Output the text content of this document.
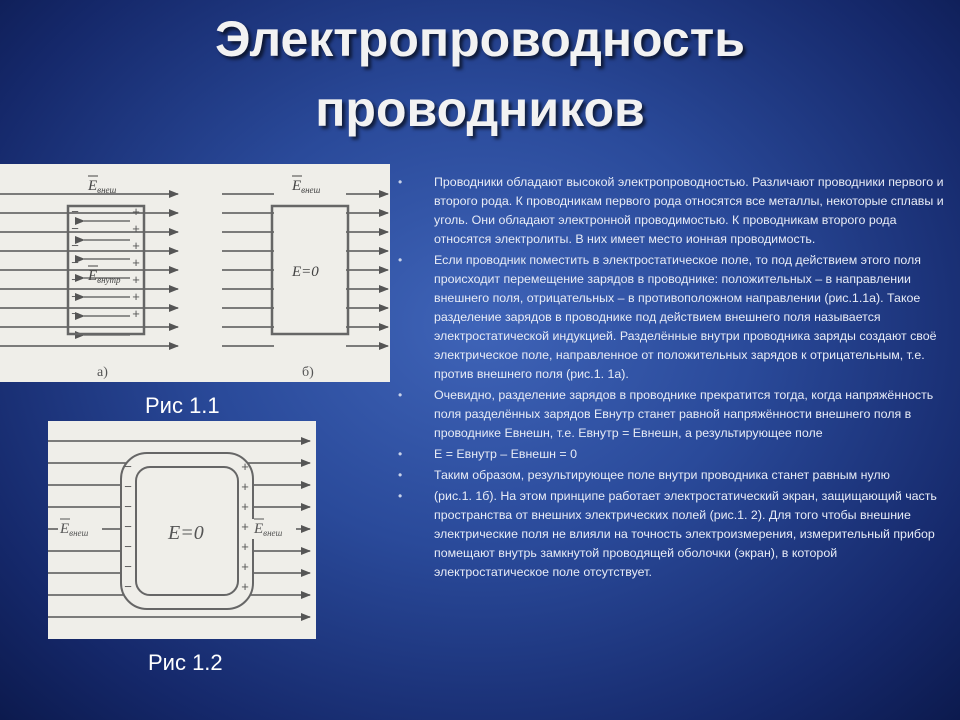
Электропроводность
проводников
−	+
−	+
−	+
−	+
−	+
−	+
−	+
$E_{внеш}$
$E_{внутр}$
$E_{внеш}$
E=0
а)	б)
Рис 1.1
−	+
−	+
−	+
−	+
−	+
−	+
−	+
E=0
$E_{внеш}$	$E_{внеш}$
Рис 1.2
•	Проводники обладают высокой электропроводностью. Различают проводники первого и второго рода. К проводникам первого рода относятся все металлы, некоторые сплавы и уголь. Они обладают электронной проводимостью. К проводникам второго рода относятся электролиты. В них имеет место ионная проводимость.
•	Если проводник поместить в электростатическое поле, то под действием этого поля происходит перемещение зарядов в проводнике: положительных – в направлении внешнего поля, отрицательных – в противоположном направлении (рис.1.1а). Такое разделение зарядов в проводнике под действием внешнего поля называется электростатической индукцией. Разделённые внутри проводника заряды создают своё электрическое поле, направленное от положительных зарядов к отрицательным, т.е. против внешнего поля (рис.1. 1а).
•	Очевидно, разделение зарядов в проводнике прекратится тогда, когда напряжённость поля разделённых зарядов Евнутр станет равной напряжённости внешнего поля в проводнике Евнешн, т.е. Евнутр = Евнешн, а результирующее поле
•	Е = Евнутр – Евнешн = 0
•	Таким образом, результирующее поле внутри проводника станет равным нулю
•	(рис.1. 1б). На этом принципе работает электростатический экран, защищающий часть пространства от внешних электрических полей (рис.1. 2). Для того чтобы внешние электрические поля не влияли на точность электроизмерения, измерительный прибор помещают внутрь замкнутой проводящей оболочки (экран), в которой электростатическое поле отсутствует.
